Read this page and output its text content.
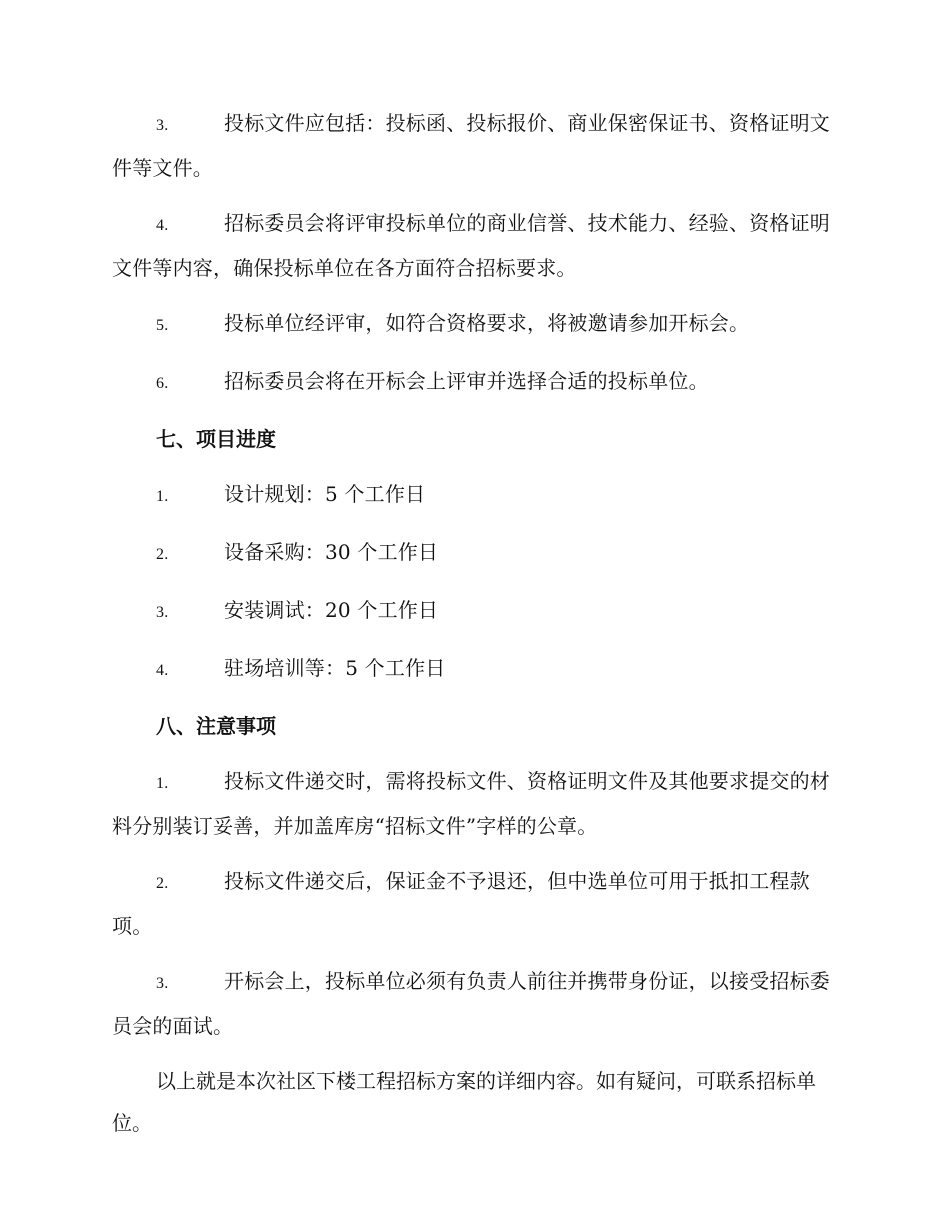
3.	投标文件应包括：投标函、投标报价、商业保密保证书、资格证明文件等文件。

4.	招标委员会将评审投标单位的商业信誉、技术能力、经验、资格证明文件等内容，确保投标单位在各方面符合招标要求。

5.	投标单位经评审，如符合资格要求，将被邀请参加开标会。

6.	招标委员会将在开标会上评审并选择合适的投标单位。

七、项目进度

1.	设计规划：5 个工作日

2.	设备采购：30 个工作日

3.	安装调试：20 个工作日

4.	驻场培训等：5 个工作日

八、注意事项

1.	投标文件递交时，需将投标文件、资格证明文件及其他要求提交的材料分别装订妥善，并加盖库房“招标文件”字样的公章。

2.	投标文件递交后，保证金不予退还，但中选单位可用于抵扣工程款项。

3.	开标会上，投标单位必须有负责人前往并携带身份证，以接受招标委员会的面试。

以上就是本次社区下楼工程招标方案的详细内容。如有疑问，可联系招标单位。
